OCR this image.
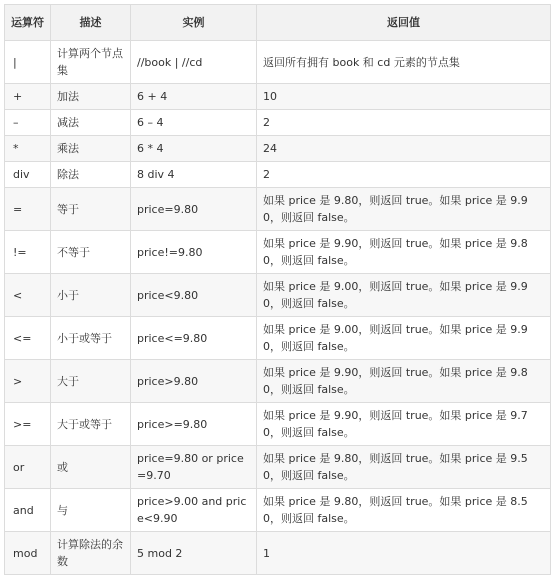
运算符	描述	实例	返回值
|	计算两个节点集	//book | //cd	返回所有拥有 book 和 cd 元素的节点集
+	加法	6 + 4	10
–	减法	6 – 4	2
*	乘法	6 * 4	24
div	除法	8 div 4	2
=	等于	price=9.80	如果 price 是 9.80，则返回 true。如果 price 是 9.90，则返回 false。
!=	不等于	price!=9.80	如果 price 是 9.90，则返回 true。如果 price 是 9.80，则返回 false。
<	小于	price<9.80	如果 price 是 9.00，则返回 true。如果 price 是 9.90，则返回 false。
<=	小于或等于	price<=9.80	如果 price 是 9.00，则返回 true。如果 price 是 9.90，则返回 false。
>	大于	price>9.80	如果 price 是 9.90，则返回 true。如果 price 是 9.80，则返回 false。
>=	大于或等于	price>=9.80	如果 price 是 9.90，则返回 true。如果 price 是 9.70，则返回 false。
or	或	price=9.80 or price=9.70	如果 price 是 9.80，则返回 true。如果 price 是 9.50，则返回 false。
and	与	price>9.00 and price<9.90	如果 price 是 9.80，则返回 true。如果 price 是 8.50，则返回 false。
mod	计算除法的余数	5 mod 2	1
